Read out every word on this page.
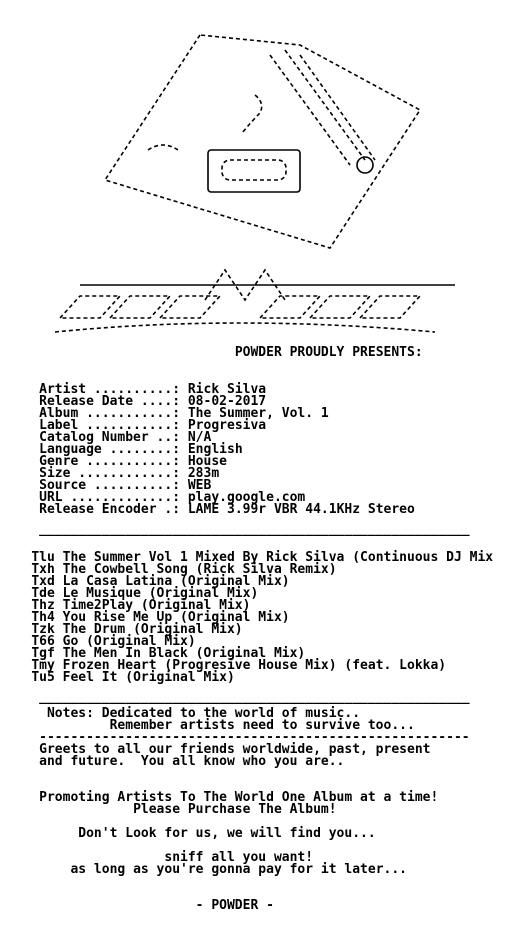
POWDER PROUDLY PRESENTS:
Artist ..........: Rick Silva
Release Date ....: 08-02-2017
Album ...........: The Summer, Vol. 1
Label ...........: Progresiva
Catalog Number ..: N/A
Language ........: English
Genre ...........: House
Size ............: 283m
Source ..........: WEB
URL .............: play.google.com
Release Encoder .: LAME 3.99r VBR 44.1KHz Stereo
_______________________________________________________
Tlu The Summer Vol 1 Mixed By Rick Silva (Continuous DJ Mix
Txh The Cowbell Song (Rick Silva Remix)
Txd La Casa Latina (Original Mix)
Tde Le Musique (Original Mix)
Thz Time2Play (Original Mix)
Th4 You Rise Me Up (Original Mix)
Tzk The Drum (Original Mix)
T66 Go (Original Mix)
Tgf The Men In Black (Original Mix)
Tmy Frozen Heart (Progresive House Mix) (feat. Lokka)
Tu5 Feel It (Original Mix)
_______________________________________________________
Notes: Dedicated to the world of music..
Remember artists need to survive too...
-------------------------------------------------------
Greets to all our friends worldwide, past, present
and future.  You all know who you are..
Promoting Artists To The World One Album at a time!
Please Purchase The Album!
Don't Look for us, we will find you...
sniff all you want!
as long as you're gonna pay for it later...
- POWDER -
